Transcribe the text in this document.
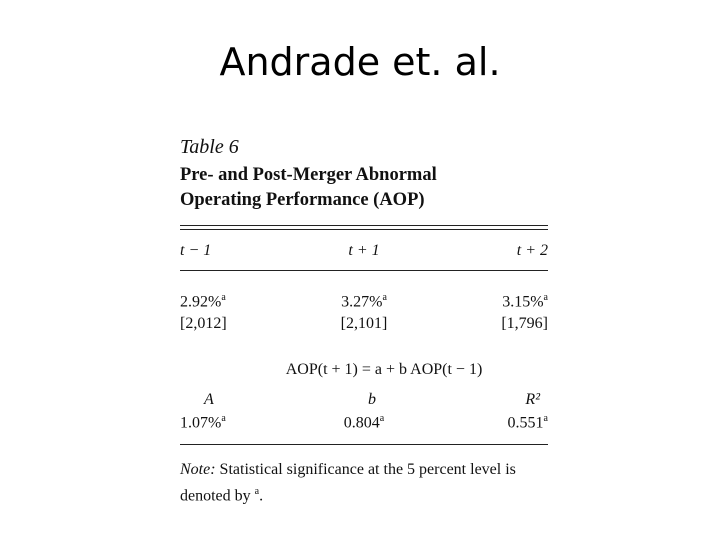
Andrade et. al.
Table 6
Pre- and Post-Merger Abnormal
Operating Performance (AOP)
t − 1	t + 1	t + 2
2.92%$^a$	3.27%$^a$	3.15%$^a$
[2,012]	[2,101]	[1,796]
AOP(t + 1) = a + b AOP(t − 1)
A	b	R²
1.07%$^a$	0.804$^a$	0.551$^a$
Note: Statistical significance at the 5 percent level is denoted by $^a$.
